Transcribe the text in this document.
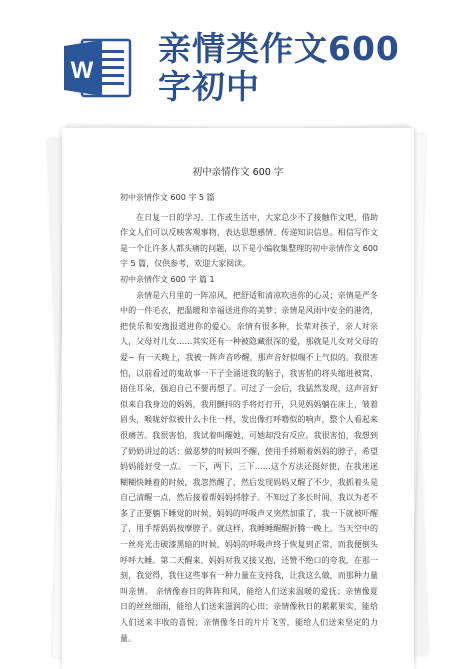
W
亲情类作文600
字初中
初中亲情作文 600 字

初中亲情作文 600 字 5 篇

在日复一日的学习、工作或生活中，大家总少不了接触作文吧，借助作文人们可以反映客观事物、表达思想感情、传递知识信息。相信写作文是一个让许多人都头痛的问题，以下是小编收集整理的初中亲情作文 600 字 5 篇，仅供参考，欢迎大家阅读。

初中亲情作文 600 字 篇 1

亲情是六月里的一阵凉风，把舒适和清凉吹进你的心灵；亲情是严冬中的一件毛衣，把温暖和幸福送进你的美梦；亲情是风雨中安全的港湾，把快乐和安逸报道进你的爱心。亲情有很多种，长辈对孩子，亲人对亲人，父母对儿女……其实还有一种被隐藏很深的爱，那就是儿女对父母的爱~ 有一天晚上，我被一阵声音吵醒，那声音好似喘不上气似的。我很害怕，以前看过的鬼故事一下子全涌进我的脑子，我害怕的将头缩进被窝，捂住耳朵，强迫自己不要再想了。可过了一会后，我猛然发现，这声音好似来自我身边的妈妈，我用颤抖的手将灯打开，只见妈妈躺在床上，皱着眉头，喉咙好似被什么卡住一样，发出像打呼噜似的响声，整个人看起来很痛苦。我很害怕，我试着叫醒她，可她却没有反应。我很害怕，我想到了奶奶讲过的话：做恶梦的时候叫不醒，使用手捋顺着妈妈的脖子，希望妈妈能好受一点。 一下，两下，三下……这个方法还挺好使，在我迷迷糊糊快睡着的时候，我忽然醒了，然后发现妈妈又醒了不少，我抓着头是自己清醒一点，然后接着帮妈妈捋脖子。不知过了多长时间，我以为老不多了正要躺下睡觉的时候，妈妈的呼吸声又突然加重了，我一下就被吓醒了，用手帮妈妈按摩脖子。就这样，我睡睡醒醒折腾一晚上。当天空中的一丝亮光击破漆黑暗的时候，妈妈的呼吸声终于恢复到正常，而我便倒头呼呼大睡。第二天醒来，妈妈对我又接又抱，还赞不绝口的夸我，在那一刻，我觉得，我住这些事有一种力量在支持我，让我这么做，而那种力量叫亲情。 亲情像春日的阵阵和风，能给人们送来温暖的爱抚；亲情像夏日的丝丝细雨，能给人们送来滋润的心田；亲情像秋日的累累果实，能给人们送来丰收的喜悦；亲情像冬日的片片飞雪，能给人们送来坚定的力量。
